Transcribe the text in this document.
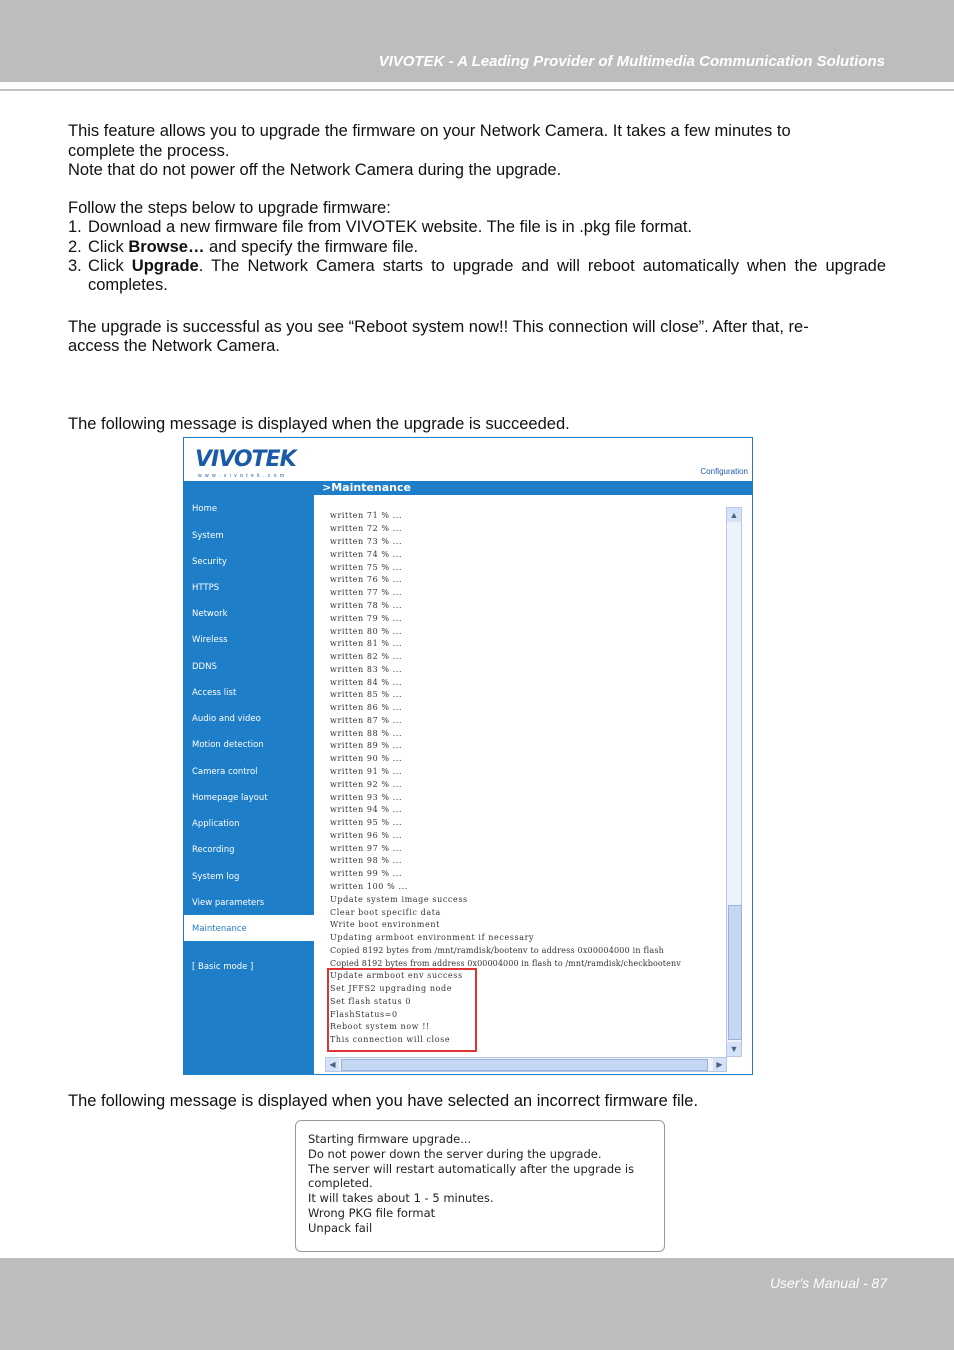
VIVOTEK - A Leading Provider of Multimedia Communication Solutions
This feature allows you to upgrade the firmware on your Network Camera. It takes a few minutes to
complete the process.
Note that do not power off the Network Camera during the upgrade.
Follow the steps below to upgrade firmware:
1. Download a new firmware file from VIVOTEK website. The file is in .pkg file format.
2. Click Browse… and specify the firmware file.
3. Click Upgrade. The Network Camera starts to upgrade and will reboot automatically when the upgrade completes.
The upgrade is successful as you see “Reboot system now!! This connection will close”. After that, re-
access the Network Camera.
The following message is displayed when the upgrade is succeeded.
VIVOTEK
w w w . v i v o t e k . c o m	Configuration
Home
System
Security
HTTPS
Network
Wireless
DDNS
Access list
Audio and video
Motion detection
Camera control
Homepage layout
Application
Recording
System log
View parameters
Maintenance
[ Basic mode ]
>Maintenance
written 71 % ...
written 72 % ...
written 73 % ...
written 74 % ...
written 75 % ...
written 76 % ...
written 77 % ...
written 78 % ...
written 79 % ...
written 80 % ...
written 81 % ...
written 82 % ...
written 83 % ...
written 84 % ...
written 85 % ...
written 86 % ...
written 87 % ...
written 88 % ...
written 89 % ...
written 90 % ...
written 91 % ...
written 92 % ...
written 93 % ...
written 94 % ...
written 95 % ...
written 96 % ...
written 97 % ...
written 98 % ...
written 99 % ...
written 100 % ...
Update system image success
Clear boot specific data
Write boot environment
Updating armboot environment if necessary
Copied 8192 bytes from /mnt/ramdisk/bootenv to address 0x00004000 in flash
Copied 8192 bytes from address 0x00004000 in flash to /mnt/ramdisk/checkbootenv
Update armboot env success
Set JFFS2 upgrading node
Set flash status 0
FlashStatus=0
Reboot system now !!
This connection will close
▲
▼
◀	▶
The following message is displayed when you have selected an incorrect firmware file.
Starting firmware upgrade...
Do not power down the server during the upgrade.
The server will restart automatically after the upgrade is completed.
It will takes about 1 - 5 minutes.
Wrong PKG file format
Unpack fail
User's Manual - 87
